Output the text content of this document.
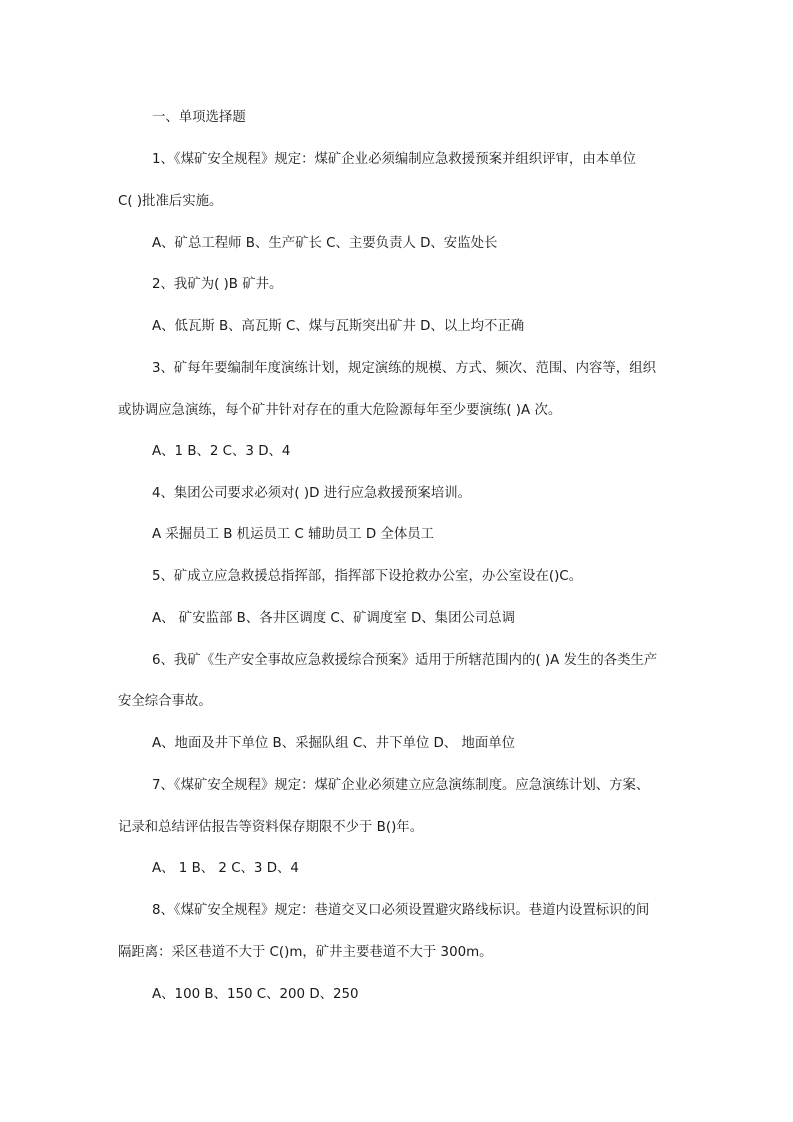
一、单项选择题
1、《煤矿安全规程》规定：煤矿企业必须编制应急救援预案并组织评审，由本单位
C( )批准后实施。
A、矿总工程师 B、生产矿长 C、主要负责人 D、安监处长
2、我矿为( )B 矿井。
A、低瓦斯 B、高瓦斯 C、煤与瓦斯突出矿井 D、以上均不正确
3、矿每年要编制年度演练计划，规定演练的规模、方式、频次、范围、内容等，组织
或协调应急演练，每个矿井针对存在的重大危险源每年至少要演练( )A 次。
A、1 B、2 C、3 D、4
4、集团公司要求必须对( )D 进行应急救援预案培训。
A 采掘员工 B 机运员工 C 辅助员工 D 全体员工
5、矿成立应急救援总指挥部，指挥部下设抢救办公室，办公室设在()C。
A、 矿安监部 B、各井区调度 C、矿调度室 D、集团公司总调
6、我矿《生产安全事故应急救援综合预案》适用于所辖范围内的( )A 发生的各类生产
安全综合事故。
A、地面及井下单位 B、采掘队组 C、井下单位 D、 地面单位
7、《煤矿安全规程》规定：煤矿企业必须建立应急演练制度。应急演练计划、方案、
记录和总结评估报告等资料保存期限不少于 B()年。
A、 1 B、 2 C、3 D、4
8、《煤矿安全规程》规定：巷道交叉口必须设置避灾路线标识。巷道内设置标识的间
隔距离：采区巷道不大于 C()m，矿井主要巷道不大于 300m。
A、100 B、150 C、200 D、250
